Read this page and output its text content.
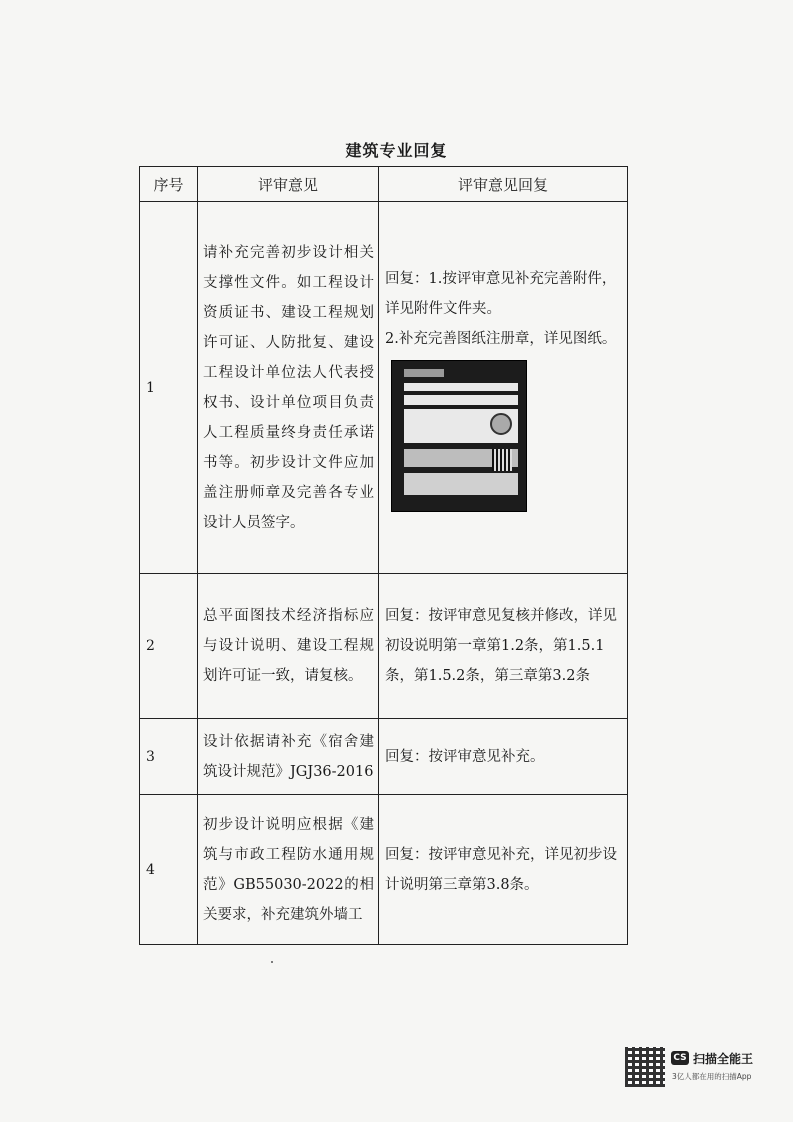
建筑专业回复
序号	评审意见	评审意见回复
1	请补充完善初步设计相关支撑性文件。如工程设计资质证书、建设工程规划许可证、人防批复、建设工程设计单位法人代表授权书、设计单位项目负责人工程质量终身责任承诺书等。初步设计文件应加盖注册师章及完善各专业设计人员签字。	回复：1.按评审意见补充完善附件，详见附件文件夹。

2.补充完善图纸注册章，详见图纸。

2	总平面图技术经济指标应与设计说明、建设工程规划许可证一致，请复核。	回复：按评审意见复核并修改，详见初设说明第一章第1.2条，第1.5.1条，第1.5.2条，第三章第3.2条

3	设计依据请补充《宿舍建筑设计规范》JGJ36-2016	回复：按评审意见补充。

4	初步设计说明应根据《建筑与市政工程防水通用规范》GB55030-2022的相关要求，补充建筑外墙工	回复：按评审意见补充，详见初步设计说明第三章第3.8条。

CS 扫描全能王
3亿人都在用的扫描App
